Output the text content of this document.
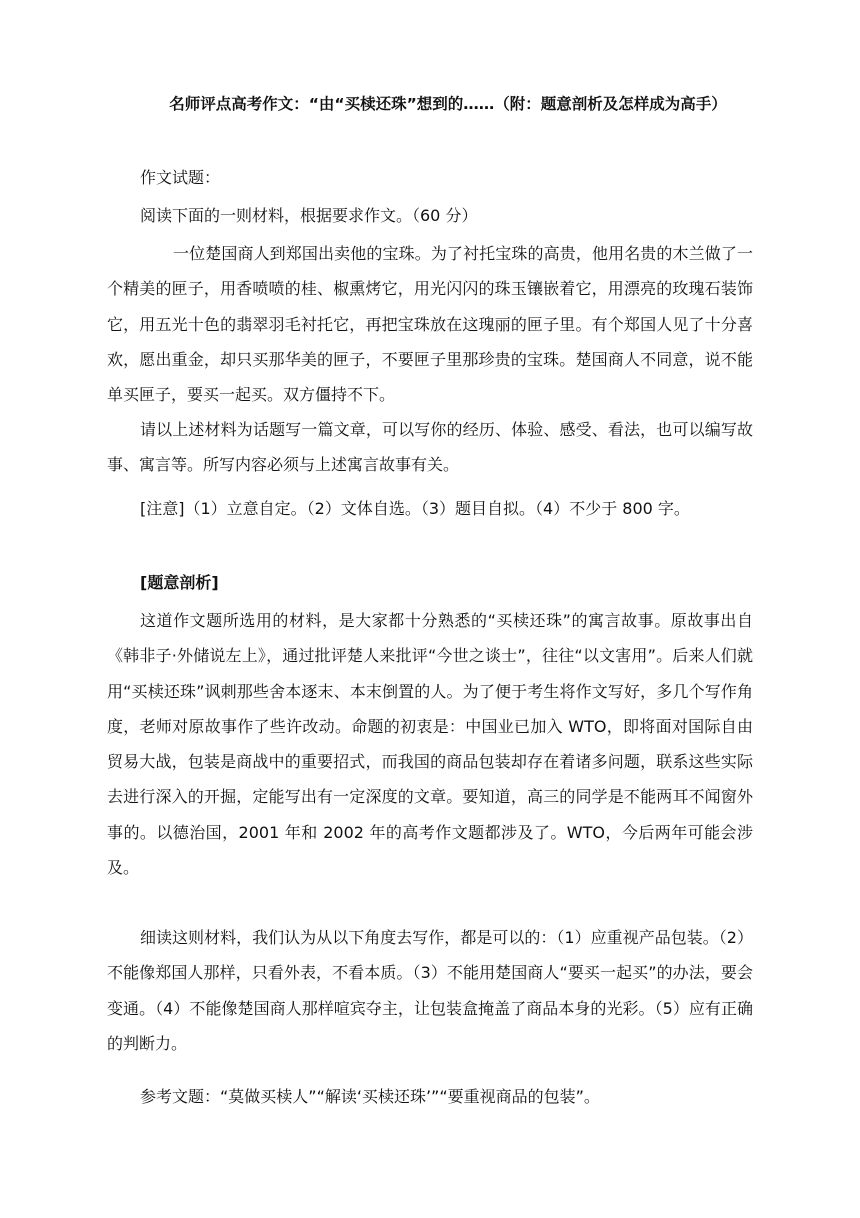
名师评点高考作文：“由“买椟还珠”想到的……（附：题意剖析及怎样成为高手）
作文试题：
阅读下面的一则材料，根据要求作文。（60 分）
一位楚国商人到郑国出卖他的宝珠。为了衬托宝珠的高贵，他用名贵的木兰做了一个精美的匣子，用香喷喷的桂、椒熏烤它，用光闪闪的珠玉镶嵌着它，用漂亮的玫瑰石装饰它，用五光十色的翡翠羽毛衬托它，再把宝珠放在这瑰丽的匣子里。有个郑国人见了十分喜欢，愿出重金，却只买那华美的匣子，不要匣子里那珍贵的宝珠。楚国商人不同意，说不能单买匣子，要买一起买。双方僵持不下。
请以上述材料为话题写一篇文章，可以写你的经历、体验、感受、看法，也可以编写故事、寓言等。所写内容必须与上述寓言故事有关。
[注意]（1）立意自定。（2）文体自选。（3）题目自拟。（4）不少于 800 字。
[题意剖析]
这道作文题所选用的材料，是大家都十分熟悉的“买椟还珠”的寓言故事。原故事出自《韩非子·外储说左上》，通过批评楚人来批评“今世之谈士”，往往“以文害用”。后来人们就用“买椟还珠”讽刺那些舍本逐末、本末倒置的人。为了便于考生将作文写好，多几个写作角度，老师对原故事作了些许改动。命题的初衷是：中国业已加入 WTO，即将面对国际自由贸易大战，包装是商战中的重要招式，而我国的商品包装却存在着诸多问题，联系这些实际去进行深入的开掘，定能写出有一定深度的文章。要知道，高三的同学是不能两耳不闻窗外事的。以德治国，2001 年和 2002 年的高考作文题都涉及了。WTO，今后两年可能会涉及。
细读这则材料，我们认为从以下角度去写作，都是可以的：（1）应重视产品包装。（2）不能像郑国人那样，只看外表，不看本质。（3）不能用楚国商人“要买一起买”的办法，要会变通。（4）不能像楚国商人那样喧宾夺主，让包装盒掩盖了商品本身的光彩。（5）应有正确的判断力。
参考文题：“莫做买椟人”“解读‘买椟还珠’”“要重视商品的包装”。
